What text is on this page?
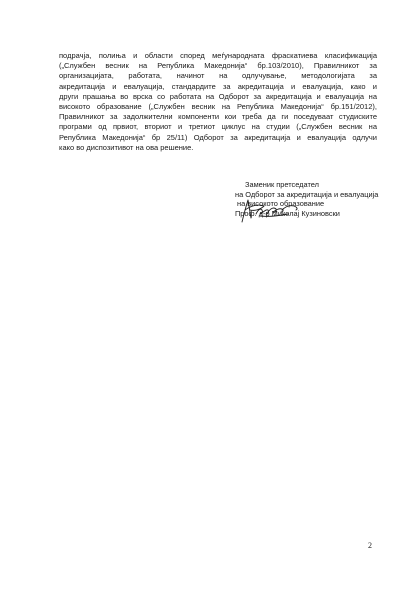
подрачја, полиња и области според меѓународната фраскатиева класификација
(„Службен весник на Република Македонија“ бр.103/2010), Правилникот за
организацијата, работата, начинот на одлучување, методологијата за
акредитација и евалуација, стандардите за акредитација и евалуација, како и
други прашања во врска со работата на Одборот за акредитација и евалуација на
високото образование („Службен весник на Република Македонија“ бр.151/2012),
Правилникот за задолжителни компоненти кои треба да ги поседуваат студиските
програми од првиот, вториот и третиот циклус на студии („Службен весник на
Република Македонија“ бр 25/11) Одборот за акредитација и евалуација одлучи
како во диспозитивот на ова решение.
Заменик претседател
на Одборот за акредитација и евалуација
на високото образование
Проф. д-р Миколај Кузиновски
2
